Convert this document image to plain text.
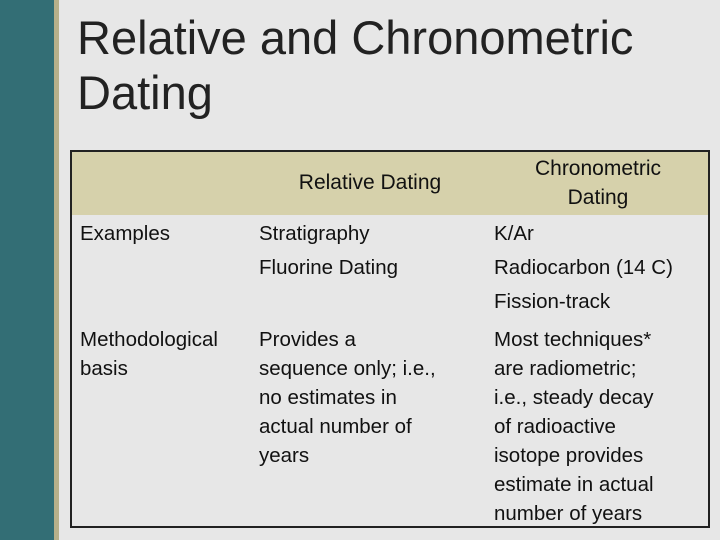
Relative and Chronometric
Dating
Relative Dating
Chronometric
Dating
Examples	Stratigraphy
Fluorine Dating
K/Ar
Radiocarbon (14 C)
Fission-track
Methodological
basis
Provides a
sequence only; i.e.,
no estimates in
actual number of
years
Most techniques*
are radiometric;
i.e., steady decay
of radioactive
isotope provides
estimate in actual
number of years
